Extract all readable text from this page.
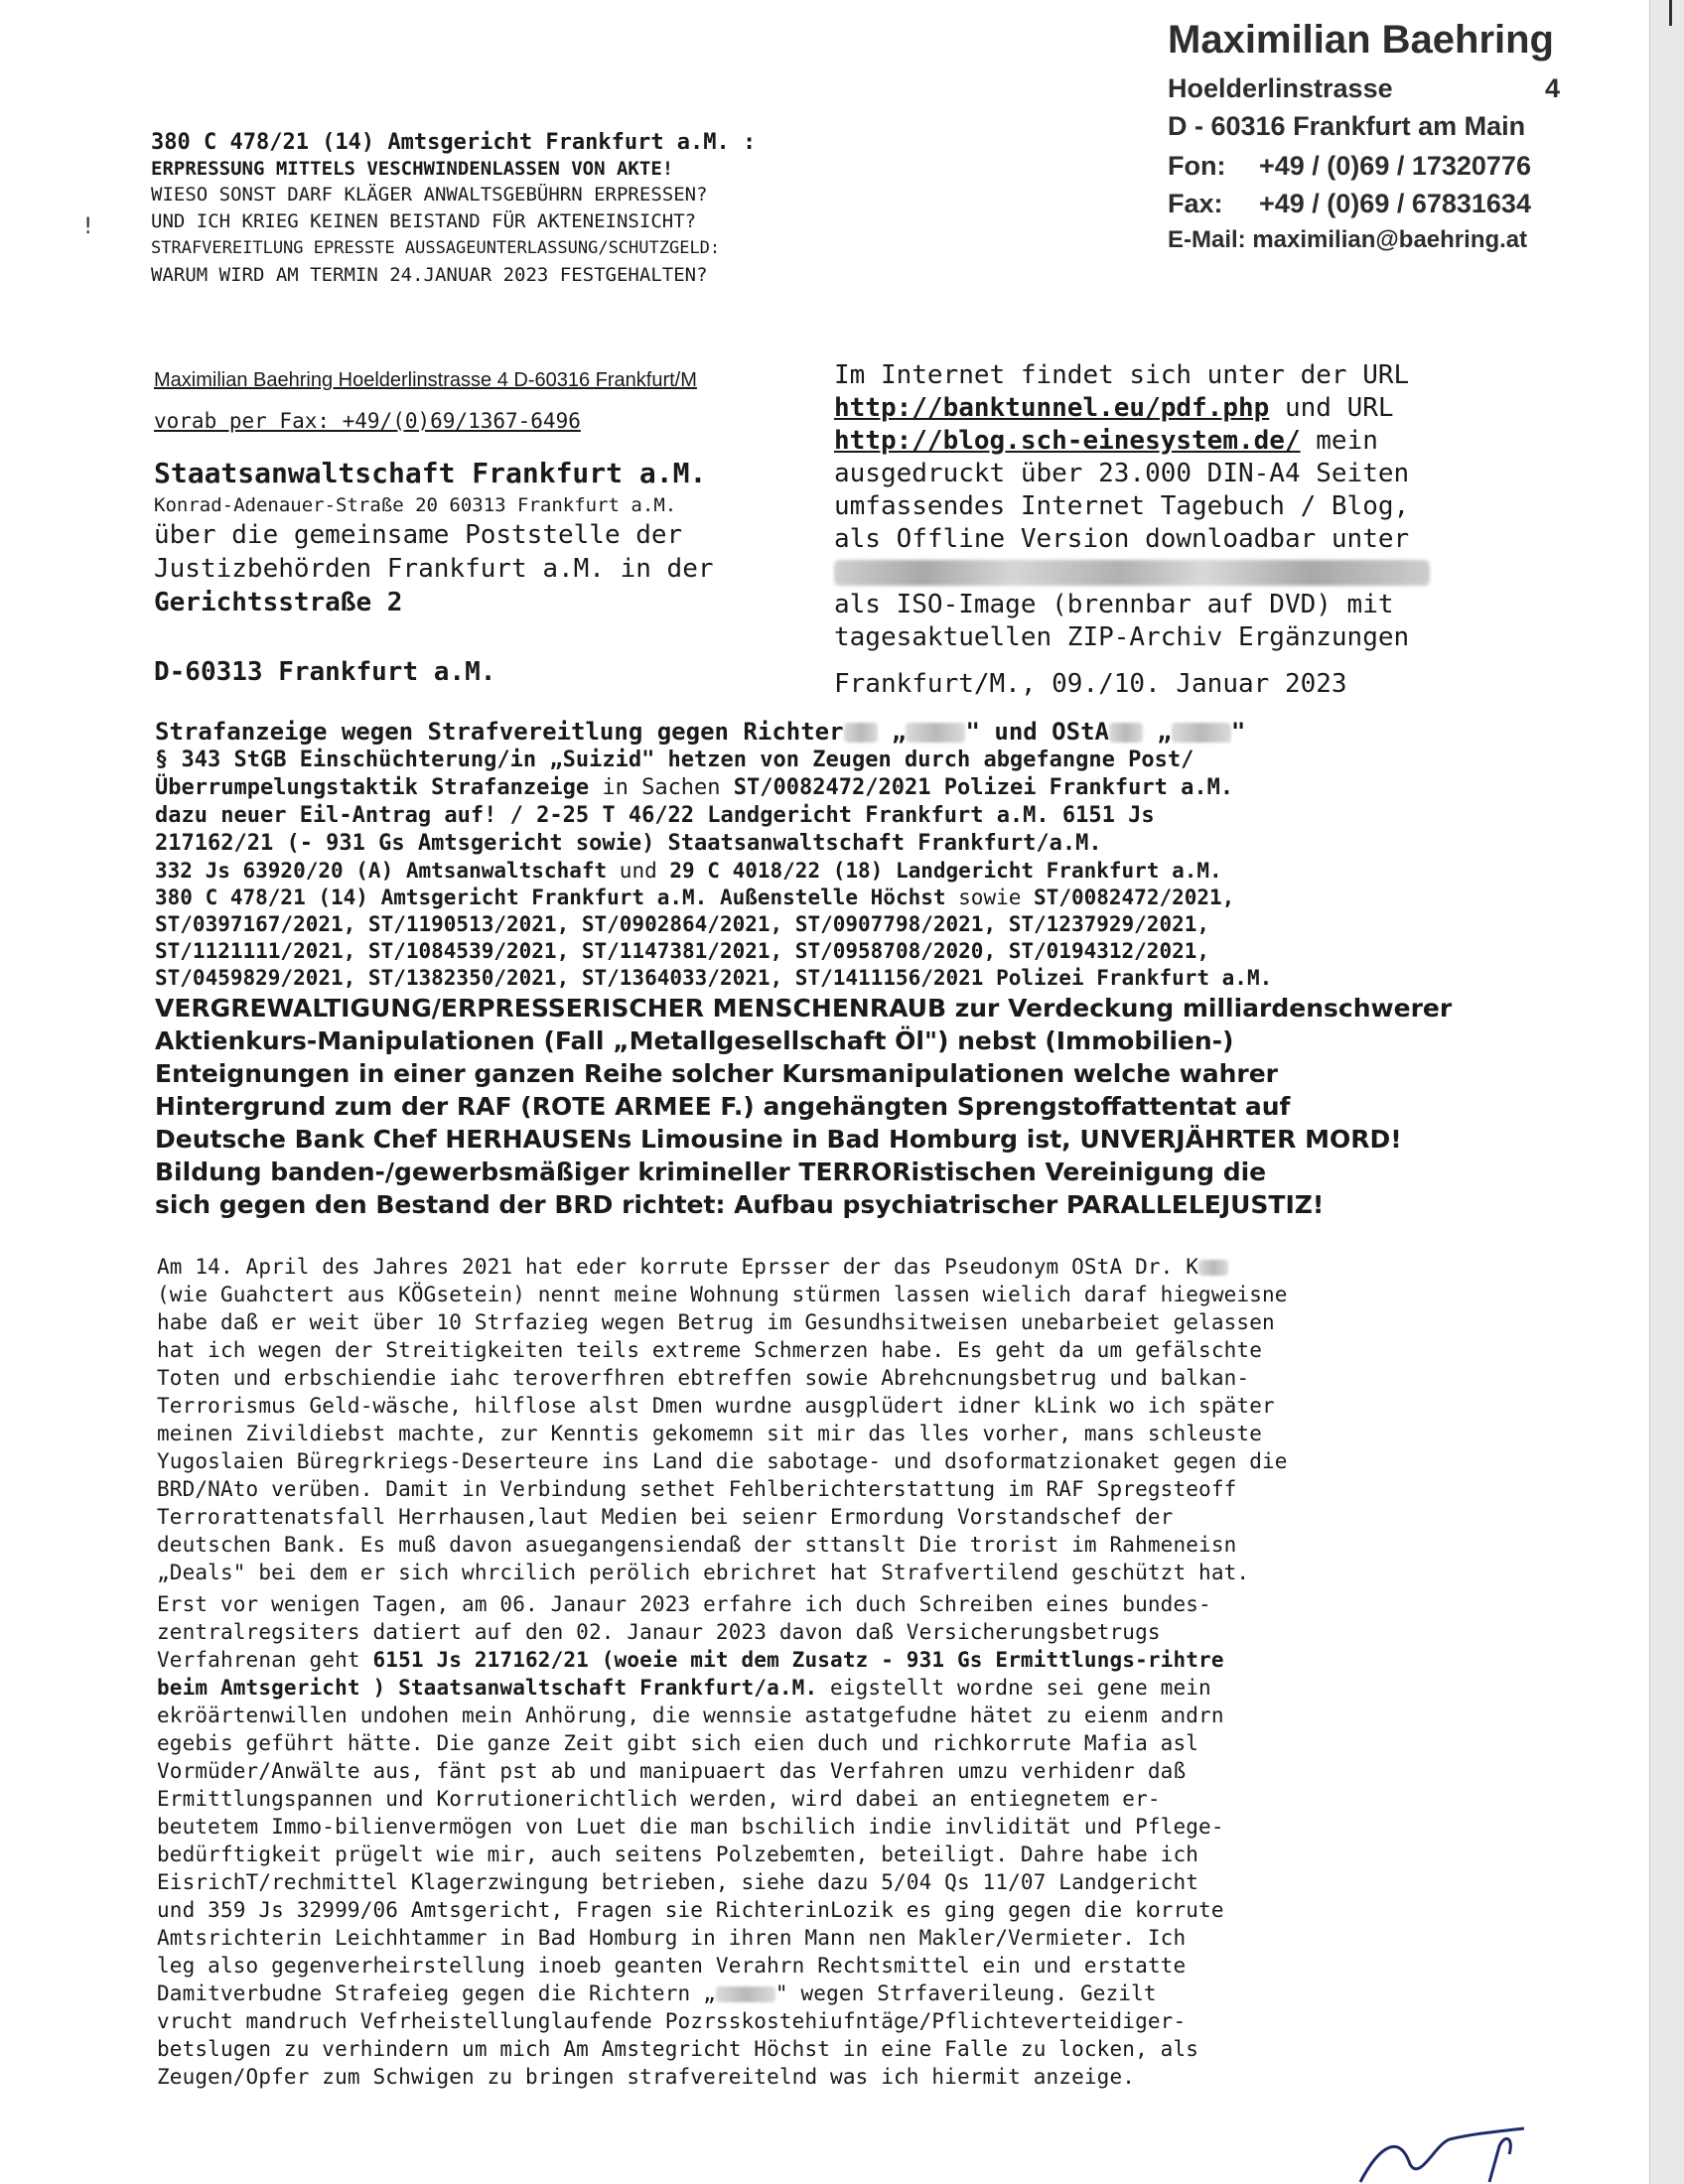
Maximilian Baehring
Hoelderlinstrasse	4
D - 60316 Frankfurt am Main
Fon: +49 / (0)69 / 17320776
Fax: +49 / (0)69 / 67831634
E-Mail: maximilian@baehring.at
380 C 478/21 (14) Amtsgericht Frankfurt a.M. :
ERPRESSUNG MITTELS VESCHWINDENLASSEN VON AKTE!
WIESO SONST DARF KLÄGER ANWALTSGEBÜHRN ERPRESSEN?
UND ICH KRIEG KEINEN BEISTAND FÜR AKTENEINSICHT?
STRAFVEREITLUNG EPRESSTE AUSSAGEUNTERLASSUNG/SCHUTZGELD:
WARUM WIRD AM TERMIN 24.JANUAR 2023 FESTGEHALTEN?
!
Maximilian Baehring Hoelderlinstrasse 4 D-60316 Frankfurt/M
vorab per Fax: +49/(0)69/1367-6496
Staatsanwaltschaft Frankfurt a.M.
Konrad-Adenauer-Straße 20 60313 Frankfurt a.M.
über die gemeinsame Poststelle der
Justizbehörden Frankfurt a.M. in der
Gerichtsstraße 2
D-60313 Frankfurt a.M.
Im Internet findet sich unter der URL
http://banktunnel.eu/pdf.php und URL
http://blog.sch-einesystem.de/ mein
ausgedruckt über 23.000 DIN-A4 Seiten
umfassendes Internet Tagebuch / Blog,
als Offline Version downloadbar unter
als ISO-Image (brennbar auf DVD) mit
tagesaktuellen ZIP-Archiv Ergänzungen
Frankfurt/M., 09./10. Januar 2023
Strafanzeige wegen Strafvereitlung gegen Richter „	" und OStA „	"
§ 343 StGB Einschüchterung/in „Suizid" hetzen von Zeugen durch abgefangne Post/
Überrumpelungstaktik Strafanzeige in Sachen ST/0082472/2021 Polizei Frankfurt a.M.
dazu neuer Eil-Antrag auf! / 2-25 T 46/22 Landgericht Frankfurt a.M. 6151 Js
217162/21 (- 931 Gs Amtsgericht sowie) Staatsanwaltschaft Frankfurt/a.M.
332 Js 63920/20 (A) Amtsanwaltschaft und 29 C 4018/22 (18) Landgericht Frankfurt a.M.
380 C 478/21 (14) Amtsgericht Frankfurt a.M. Außenstelle Höchst sowie ST/0082472/2021,
ST/0397167/2021, ST/1190513/2021, ST/0902864/2021, ST/0907798/2021, ST/1237929/2021,
ST/1121111/2021, ST/1084539/2021, ST/1147381/2021, ST/0958708/2020, ST/0194312/2021,
ST/0459829/2021, ST/1382350/2021, ST/1364033/2021, ST/1411156/2021 Polizei Frankfurt a.M.
VERGREWALTIGUNG/ERPRESSERISCHER MENSCHENRAUB zur Verdeckung milliardenschwerer
Aktienkurs-Manipulationen (Fall „Metallgesellschaft Öl") nebst (Immobilien-)
Enteignungen in einer ganzen Reihe solcher Kursmanipulationen welche wahrer
Hintergrund zum der RAF (ROTE ARMEE F.) angehängten Sprengstoffattentat auf
Deutsche Bank Chef HERHAUSENs Limousine in Bad Homburg ist, UNVERJÄHRTER MORD!
Bildung banden-/gewerbsmäßiger krimineller TERRORistischen Vereinigung die
sich gegen den Bestand der BRD richtet: Aufbau psychiatrischer PARALLELEJUSTIZ!
Am 14. April des Jahres 2021 hat eder korrute Eprsser der das Pseudonym OStA Dr. K
(wie Guahctert aus KÖGsetein) nennt meine Wohnung stürmen lassen wielich daraf hiegweisne
habe daß er weit über 10 Strfazieg wegen Betrug im Gesundhsitweisen unebarbeiet gelassen
hat ich wegen der Streitigkeiten teils extreme Schmerzen habe. Es geht da um gefälschte
Toten und erbschiendie iahc teroverfhren ebtreffen sowie Abrehcnungsbetrug und balkan-
Terrorismus Geld-wäsche, hilflose alst Dmen wurdne ausgplüdert idner kLink wo ich später
meinen Zivildiebst machte, zur Kenntis gekomemn sit mir das lles vorher, mans schleuste
Yugoslaien Büregrkriegs-Deserteure ins Land die sabotage- und dsoformatzionaket gegen die
BRD/NAto verüben. Damit in Verbindung sethet Fehlberichterstattung im RAF Spregsteoff
Terrorattenatsfall Herrhausen,laut Medien bei seienr Ermordung Vorstandschef der
deutschen Bank. Es muß davon asuegangensiendaß der sttanslt Die trorist im Rahmeneisn
„Deals" bei dem er sich whrcilich perölich ebrichret hat Strafvertilend geschützt hat.
Erst vor wenigen Tagen, am 06. Janaur 2023 erfahre ich duch Schreiben eines bundes-
zentralregsiters datiert auf den 02. Janaur 2023 davon daß Versicherungsbetrugs
Verfahrenan geht 6151 Js 217162/21 (woeie mit dem Zusatz - 931 Gs Ermittlungs-rihtre
beim Amtsgericht ) Staatsanwaltschaft Frankfurt/a.M. eigstellt wordne sei gene mein
ekröärtenwillen undohen mein Anhörung, die wennsie astatgefudne hätet zu eienm andrn
egebis geführt hätte. Die ganze Zeit gibt sich eien duch und richkorrute Mafia asl
Vormüder/Anwälte aus, fänt pst ab und manipuaert das Verfahren umzu verhidenr daß
Ermittlungspannen und Korrutionerichtlich werden, wird dabei an entiegnetem er-
beutetem Immo-bilienvermögen von Luet die man bschilich indie invlidität und Pflege-
bedürftigkeit prügelt wie mir, auch seitens Polzebemten, beteiligt. Dahre habe ich
EisrichT/rechmittel Klagerzwingung betrieben, siehe dazu 5/04 Qs 11/07 Landgericht
und 359 Js 32999/06 Amtsgericht, Fragen sie RichterinLozik es ging gegen die korrute
Amtsrichterin Leichhtammer in Bad Homburg in ihren Mann nen Makler/Vermieter. Ich
leg also gegenverheirstellung inoeb geanten Verahrn Rechtsmittel ein und erstatte
Damitverbudne Strafeieg gegen die Richtern „	" wegen Strfaverileung. Gezilt
vrucht mandruch Vefrheistellunglaufende Pozrsskostehiufntäge/Pflichteverteidiger-
betslugen zu verhindern um mich Am Amstegricht Höchst in eine Falle zu locken, als
Zeugen/Opfer zum Schwigen zu bringen strafvereitelnd was ich hiermit anzeige.
